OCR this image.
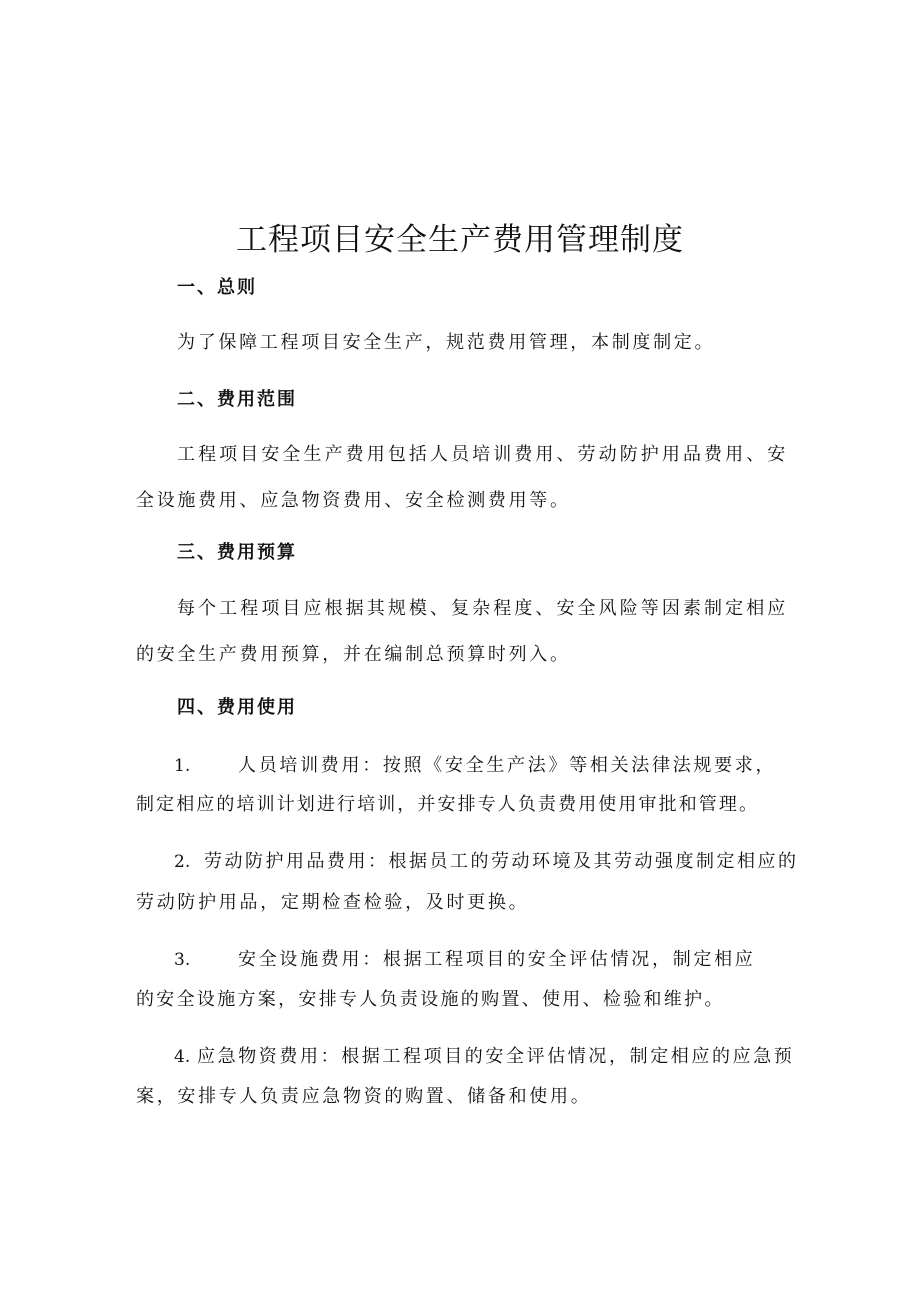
工程项目安全生产费用管理制度
一、总则

为了保障工程项目安全生产，规范费用管理，本制度制定。

二、费用范围

工程项目安全生产费用包括人员培训费用、劳动防护用品费用、安全设施费用、应急物资费用、安全检测费用等。

三、费用预算

每个工程项目应根据其规模、复杂程度、安全风险等因素制定相应的安全生产费用预算，并在编制总预算时列入。

四、费用使用
1.	人员培训费用：按照《安全生产法》等相关法律法规要求，
制定相应的培训计划进行培训，并安排专人负责费用使用审批和管理。
2. 劳动防护用品费用：根据员工的劳动环境及其劳动强度制定相应的
劳动防护用品，定期检查检验，及时更换。
3.	安全设施费用：根据工程项目的安全评估情况，制定相应
的安全设施方案，安排专人负责设施的购置、使用、检验和维护。
4. 应急物资费用：根据工程项目的安全评估情况，制定相应的应急预
案，安排专人负责应急物资的购置、储备和使用。
